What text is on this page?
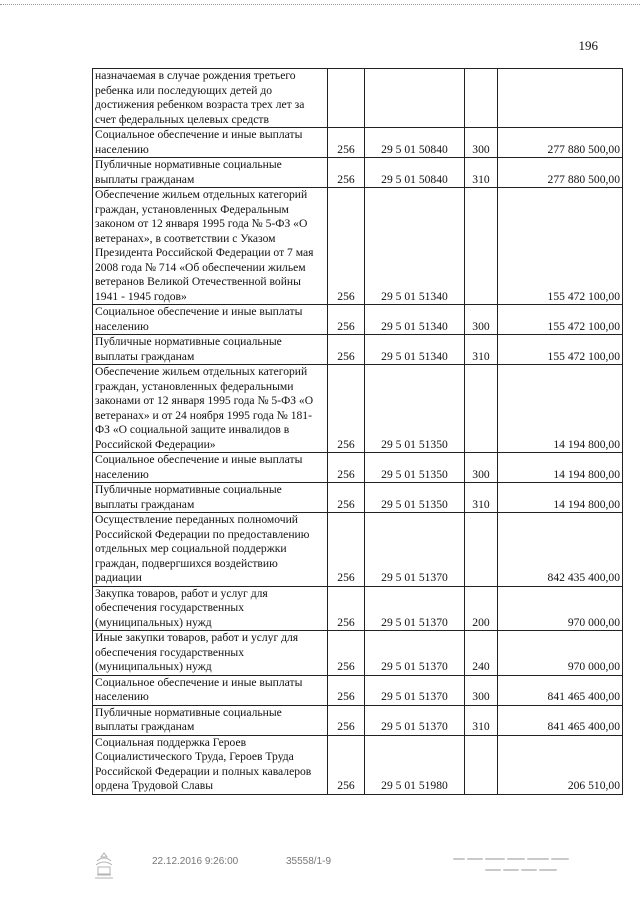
196
назначаемая в случае рождения третьего ребенка или последующих детей до достижения ребенком возраста трех лет за счет федеральных целевых средств				
Социальное обеспечение и иные выплаты населению	256	29 5 01 50840	300	277 880 500,00
Публичные нормативные социальные выплаты гражданам	256	29 5 01 50840	310	277 880 500,00
Обеспечение жильем отдельных категорий граждан, установленных Федеральным законом от 12 января 1995 года № 5-ФЗ «О ветеранах», в соответствии с Указом Президента Российской Федерации от 7 мая 2008 года № 714 «Об обеспечении жильем ветеранов Великой Отечественной войны 1941 - 1945 годов»	256	29 5 01 51340		155 472 100,00
Социальное обеспечение и иные выплаты населению	256	29 5 01 51340	300	155 472 100,00
Публичные нормативные социальные выплаты гражданам	256	29 5 01 51340	310	155 472 100,00
Обеспечение жильем отдельных категорий граждан, установленных федеральными законами от 12 января 1995 года № 5-ФЗ «О ветеранах» и от 24 ноября 1995 года № 181-ФЗ «О социальной защите инвалидов в Российской Федерации»	256	29 5 01 51350		14 194 800,00
Социальное обеспечение и иные выплаты населению	256	29 5 01 51350	300	14 194 800,00
Публичные нормативные социальные выплаты гражданам	256	29 5 01 51350	310	14 194 800,00
Осуществление переданных полномочий Российской Федерации по предоставлению отдельных мер социальной поддержки граждан, подвергшихся воздействию радиации	256	29 5 01 51370		842 435 400,00
Закупка товаров, работ и услуг для обеспечения государственных (муниципальных) нужд	256	29 5 01 51370	200	970 000,00
Иные закупки товаров, работ и услуг для обеспечения государственных (муниципальных) нужд	256	29 5 01 51370	240	970 000,00
Социальное обеспечение и иные выплаты населению	256	29 5 01 51370	300	841 465 400,00
Публичные нормативные социальные выплаты гражданам	256	29 5 01 51370	310	841 465 400,00
Социальная поддержка Героев Социалистического Труда, Героев Труда Российской Федерации и полных кавалеров ордена Трудовой Славы	256	29 5 01 51980		206 510,00
22.12.2016 9:26:00	35558/1-9
